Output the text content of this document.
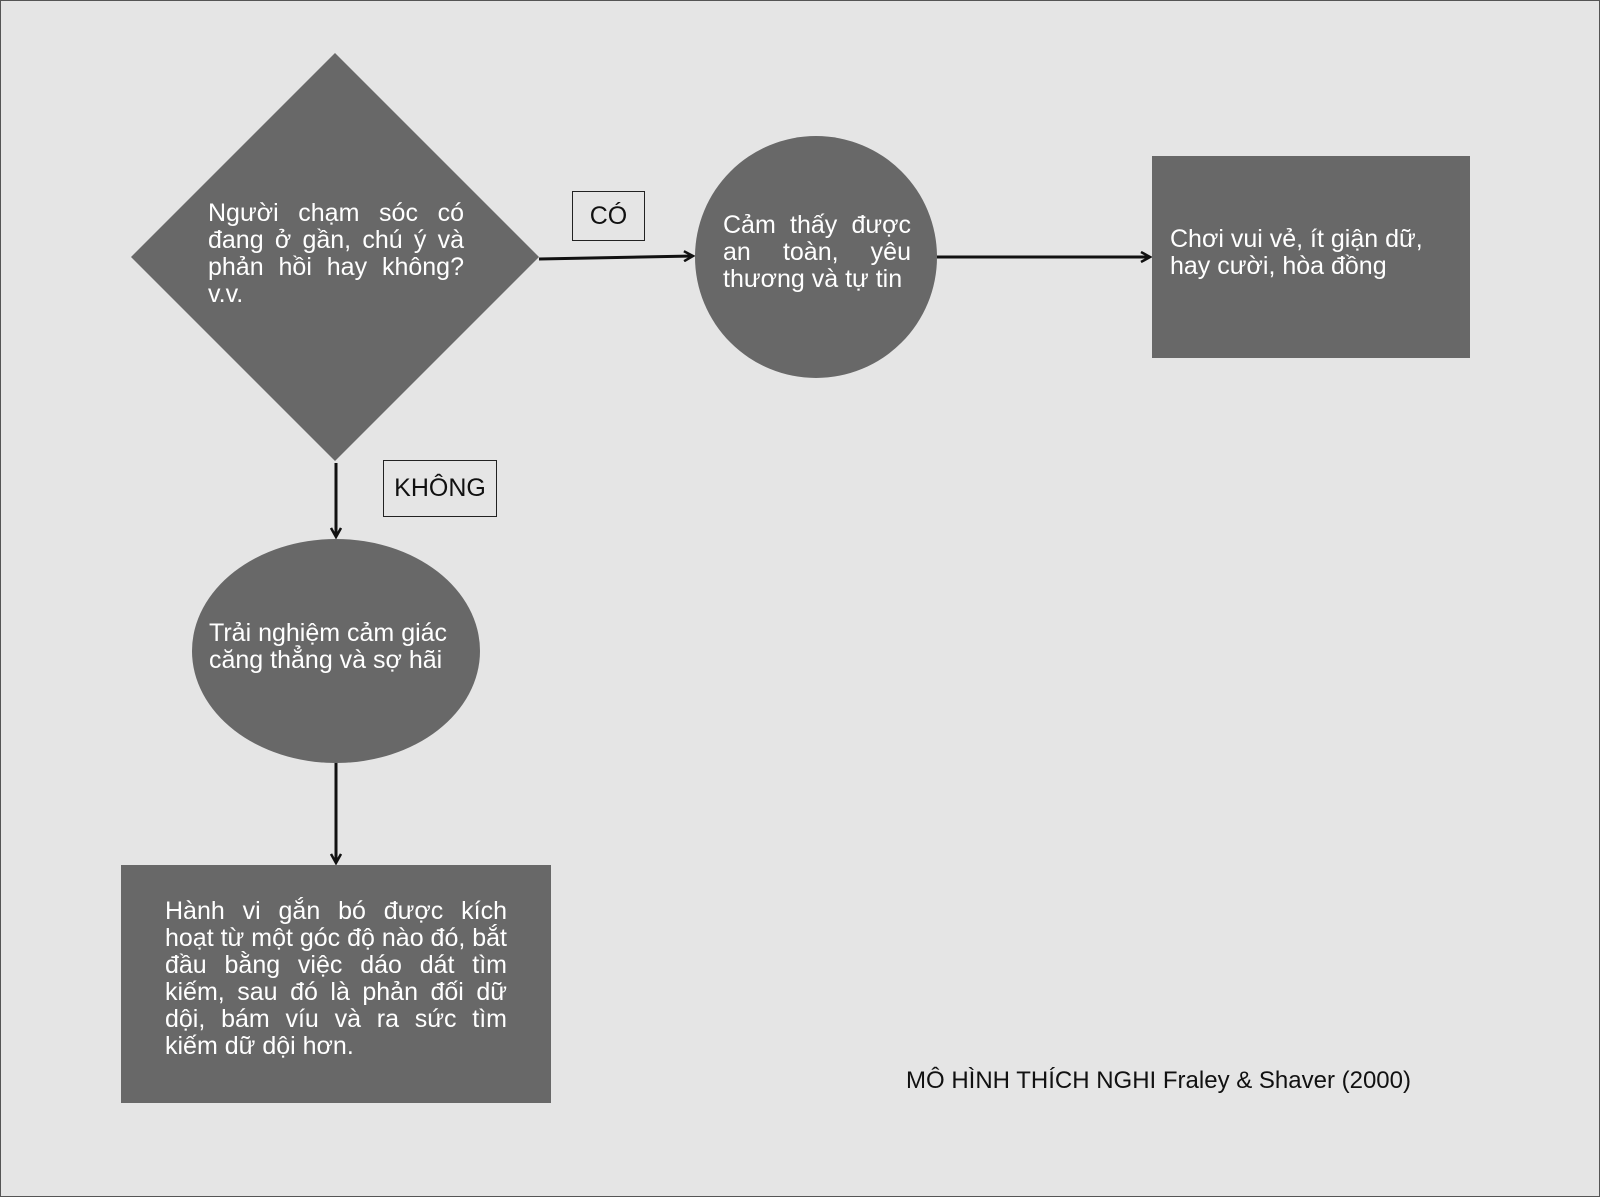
Người chạm sóc có đang ở gần, chú ý và phản hồi hay không? v.v.
Cảm thấy được an toàn, yêu thương và tự tin
Chơi vui vẻ, ít giận dữ, hay cười, hòa đồng
Trải nghiệm cảm giác căng thẳng và sợ hãi
Hành vi gắn bó được kích hoạt từ một góc độ nào đó, bắt đầu bằng việc dáo dát tìm kiếm, sau đó là phản đối dữ dội, bám víu và ra sức tìm kiếm dữ dội hơn.
CÓ
KHÔNG
MÔ HÌNH THÍCH NGHI Fraley & Shaver (2000)
